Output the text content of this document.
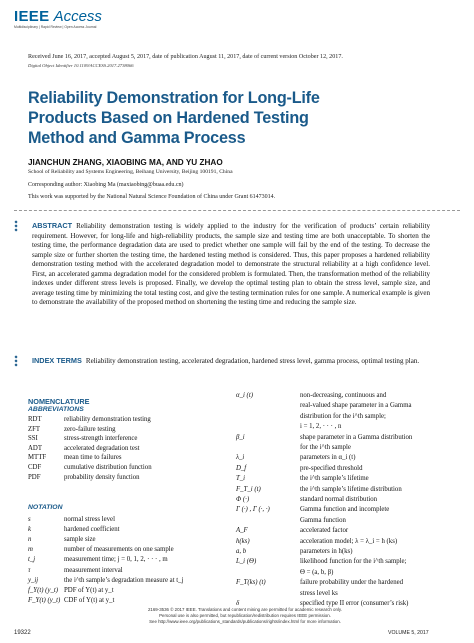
IEEE Access
Multidisciplinary | Rapid Review | Open Access Journal
Received June 16, 2017, accepted August 5, 2017, date of publication August 11, 2017, date of current version October 12, 2017.
Digital Object Identifier 10.1109/ACCESS.2017.2738066
Reliability Demonstration for Long-Life Products Based on Hardened Testing Method and Gamma Process
JIANCHUN ZHANG, XIAOBING MA, AND YU ZHAO
School of Reliability and Systems Engineering, Beihang University, Beijing 100191, China
Corresponding author: Xiaobing Ma (maxiaobing@buaa.edu.cn)
This work was supported by the National Natural Science Foundation of China under Grant 61473014.
◆
◆
◆	ABSTRACT Reliability demonstration testing is widely applied to the industry for the verification of products’ certain reliability requirement. However, for long-life and high-reliability products, the sample size and testing time are both unacceptable. To shorten the testing time, the performance degradation data are used to predict whether one sample will fail by the end of the testing. To decrease the sample size or further shorten the testing time, the hardened testing method is considered. Thus, this paper proposes a hardened reliability demonstration testing method with the accelerated degradation model to demonstrate the structural reliability at a high confidence level. First, an accelerated gamma degradation model for the considered problem is formulated. Then, the transformation method of the reliability indexes under different stress levels is proposed. Finally, we develop the optimal testing plan to obtain the stress level, sample size, and average testing time by minimizing the total testing cost, and give the testing termination rules for one sample. A numerical example is given to demonstrate the availability of the proposed method on shortening the testing time and reducing the sample size.
◆
◆
◆	INDEX TERMS Reliability demonstration testing, accelerated degradation, hardened stress level, gamma process, optimal testing plan.
NOMENCLATURE
ABBREVIATIONS
RDT	reliability demonstration testing
ZFT	zero-failure testing
SSI	stress-strength interference
ADT	accelerated degradation test
MTTF	mean time to failures
CDF	cumulative distribution function
PDF	probability density function
NOTATION
s	normal stress level
k	hardened coefficient
n	sample size
m	number of measurements on one sample
t_j	measurement time; j = 0, 1, 2, · · · , m
τ	measurement interval
y_ij	the i^th sample’s degradation measure at t_j
f_Y(t) (y_t) PDF of Y(t) at y_t
F_Y(t) (y_t) CDF of Y(t) at y_t
α_i (t)	non-decreasing, continuous and
real-valued shape parameter in a Gamma
distribution for the i^th sample;
i = 1, 2, · · · , n
β_i	shape parameter in a Gamma distribution
for the i^th sample
λ_i	parameters in α_i (t)
D_f	pre-specified threshold
T_i	the i^th sample’s lifetime
F_T_i (t)	the i^th sample’s lifetime distribution
Φ (·)	standard normal distribution
Γ (·) , Γ (·, ·)	Gamma function and incomplete
Gamma function
A_F	accelerated factor
h(ks)	acceleration model; λ = λ_i = h (ks)
a, b	parameters in h(ks)
L_i (Θ)	likelihood function for the i^th sample;
Θ = (a, b, β)
F_T(ks) (t)	failure probability under the hardened
stress level ks
δ	specified type II error (consumer’s risk)
2169-3536 © 2017 IEEE. Translations and content mining are permitted for academic research only.
Personal use is also permitted, but republication/redistribution requires IEEE permission.
See http://www.ieee.org/publications_standards/publications/rights/index.html for more information.
19322	VOLUME 5, 2017
